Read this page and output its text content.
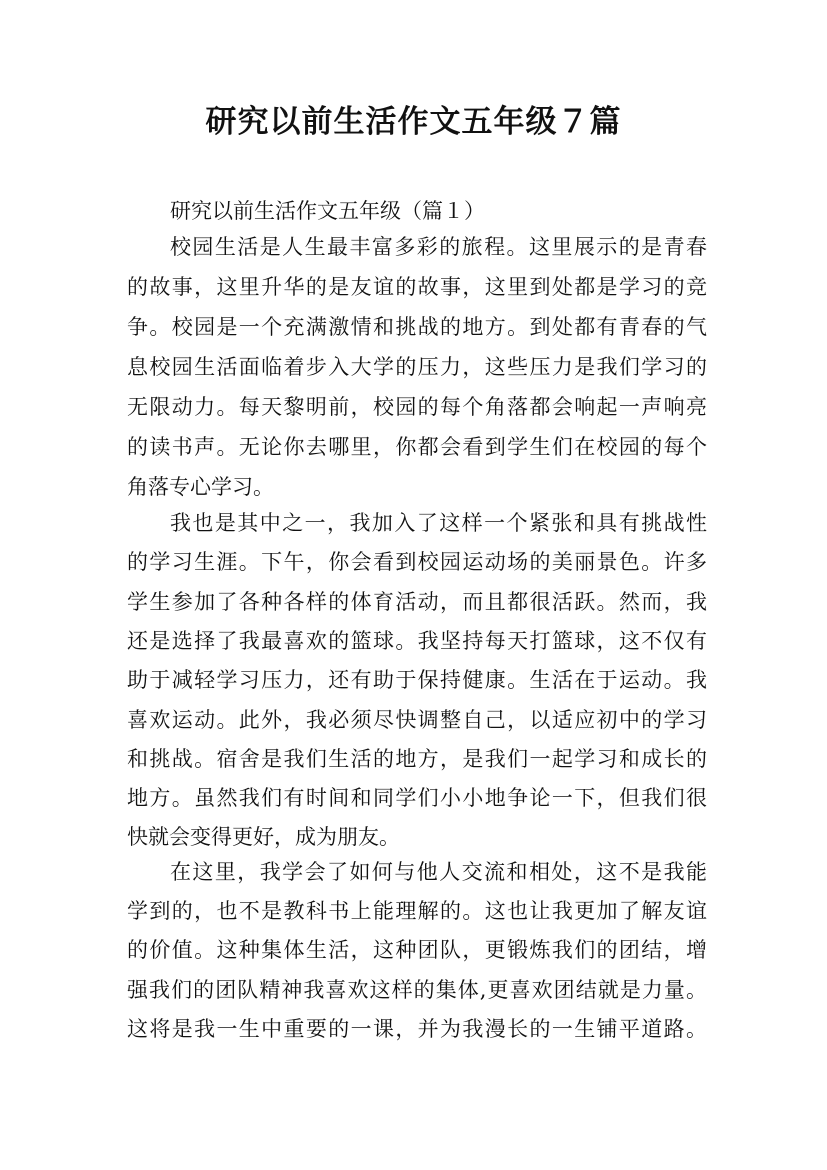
研究以前生活作文五年级７篇
研究以前生活作文五年级（篇１）
校园生活是人生最丰富多彩的旅程。这里展示的是青春
的故事，这里升华的是友谊的故事，这里到处都是学习的竞
争。校园是一个充满激情和挑战的地方。到处都有青春的气
息校园生活面临着步入大学的压力，这些压力是我们学习的
无限动力。每天黎明前，校园的每个角落都会响起一声响亮
的读书声。无论你去哪里，你都会看到学生们在校园的每个
角落专心学习。
我也是其中之一，我加入了这样一个紧张和具有挑战性
的学习生涯。下午，你会看到校园运动场的美丽景色。许多
学生参加了各种各样的体育活动，而且都很活跃。然而，我
还是选择了我最喜欢的篮球。我坚持每天打篮球，这不仅有
助于减轻学习压力，还有助于保持健康。生活在于运动。我
喜欢运动。此外，我必须尽快调整自己，以适应初中的学习
和挑战。宿舍是我们生活的地方，是我们一起学习和成长的
地方。虽然我们有时间和同学们小小地争论一下，但我们很
快就会变得更好，成为朋友。
在这里，我学会了如何与他人交流和相处，这不是我能
学到的，也不是教科书上能理解的。这也让我更加了解友谊
的价值。这种集体生活，这种团队，更锻炼我们的团结，增
强我们的团队精神我喜欢这样的集体,更喜欢团结就是力量。
这将是我一生中重要的一课，并为我漫长的一生铺平道路。
